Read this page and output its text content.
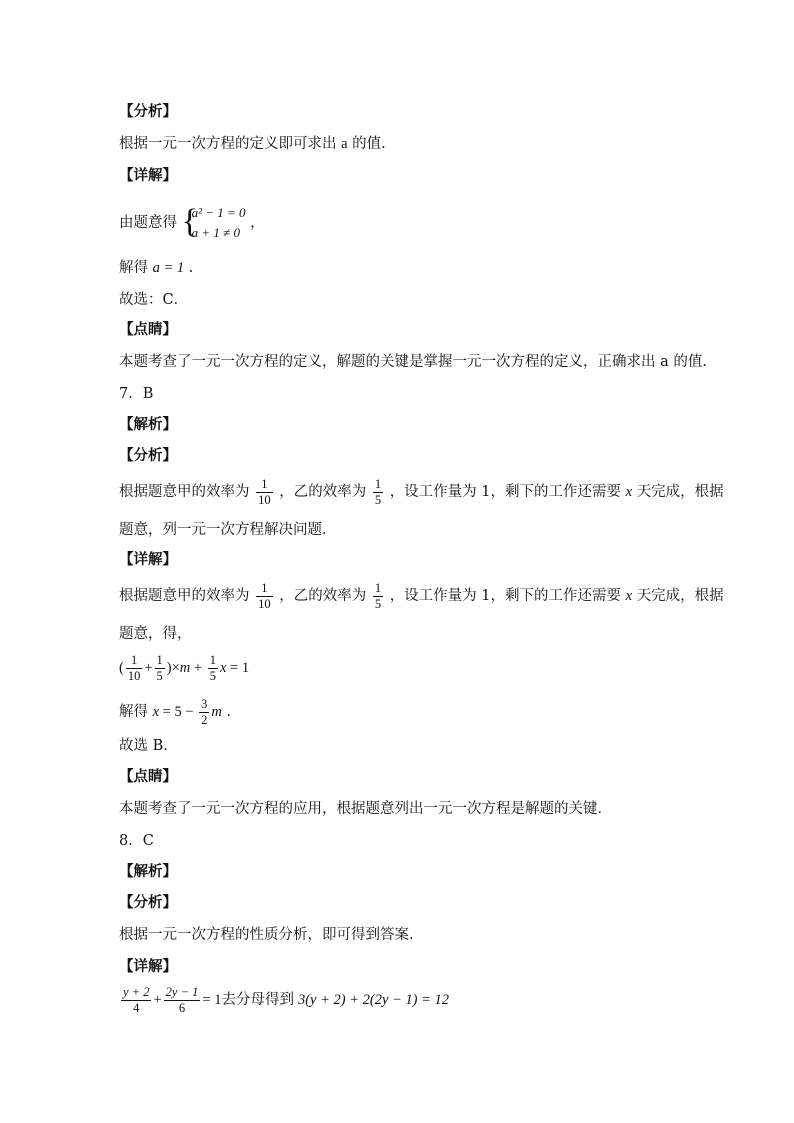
【分析】
根据一元一次方程的定义即可求出 a 的值.
【详解】
由题意得 {
a² − 1 = 0
a + 1 ≠ 0
，
解得 a = 1 .
故选：C．
【点睛】
本题考查了一元一次方程的定义，解题的关键是掌握一元一次方程的定义，正确求出 a 的值.
7．B
【解析】
【分析】
根据题意甲的效率为 $\frac{1}{10}$ ，乙的效率为 $\frac{1}{5}$ ，设工作量为 1，剩下的工作还需要 x 天完成，根据
题意，列一元一次方程解决问题．
【详解】
根据题意甲的效率为 $\frac{1}{10}$ ，乙的效率为 $\frac{1}{5}$ ，设工作量为 1，剩下的工作还需要 x 天完成，根据
题意，得，
( $\frac{1}{10} + \frac{1}{5} )\times m + \frac{1}{5}$ x = 1
解得 $x = 5 - \frac{3}{2}$ m ．
故选 B．
【点睛】
本题考查了一元一次方程的应用，根据题意列出一元一次方程是解题的关键．
8．C
【解析】
【分析】
根据一元一次方程的性质分析，即可得到答案．
【详解】
$\frac{y + 2}{4} + \frac{2y - 1}{6} = 1$去分母得到 3(y + 2) + 2(2y − 1) = 12
